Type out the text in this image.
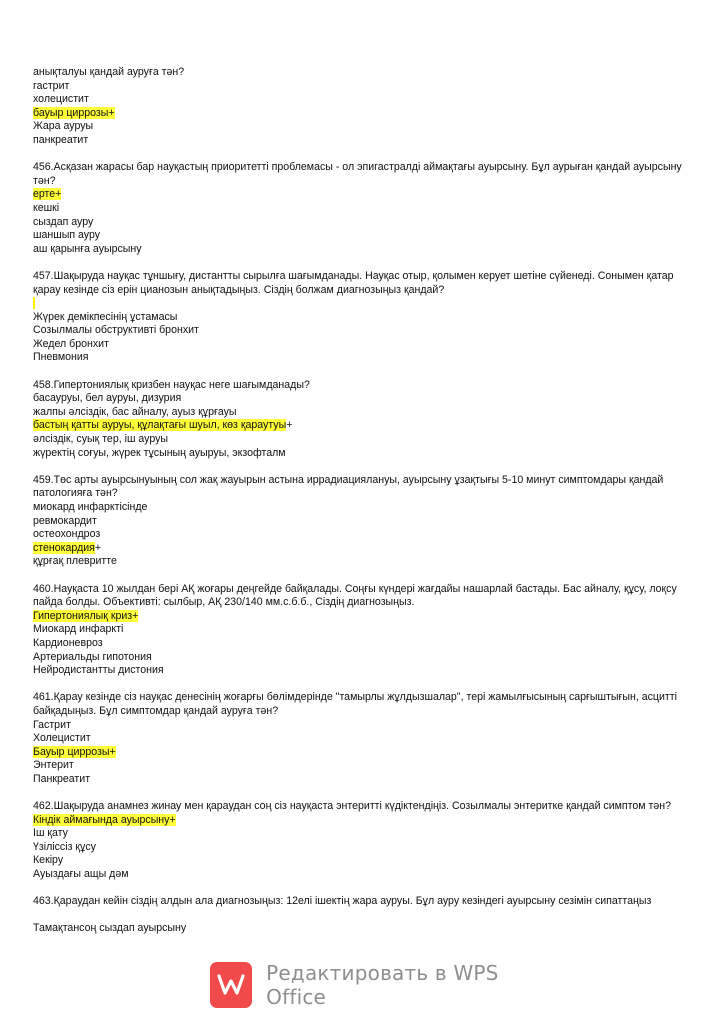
анықталуы қандай ауруға тән?
гастрит
холецистит
бауыр циррозы+
Жара ауруы
панкреатит
456.Асқазан жарасы бар науқастың приоритетті проблемасы - ол эпигастралді аймақтағы ауырсыну. Бұл аурыған қандай ауырсыну тән?
ерте+
кешкі
сыздап ауру
шаншып ауру
аш қарынға ауырсыну
457.Шақыруда науқас тұншығу, дистантты сырылға шағымданады. Науқас отыр, қолымен керует шетіне сүйенеді. Сонымен қатар қарау кезінде сіз ерін цианозын анықтадыңыз. Сіздің болжам диагнозыңыз қандай?
Жүрек демікпесінің ұстамасы
Созылмалы обструктивті бронхит
Жедел бронхит
Пневмония
458.Гипертониялық кризбен науқас неге шағымданады?
басауруы, бел ауруы, дизурия
жалпы әлсіздік, бас айналу, ауыз құрғауы
бастың қатты ауруы, құлақтағы шуыл, көз қараутуы+
әлсіздік, суық тер, іш ауруы
жүректің соғуы, жүрек тұсының ауыруы, экзофталм
459.Төс арты ауырсынуының сол жақ жауырын астына иррадиациялануы, ауырсыну ұзақтығы 5-10 минут симптомдары қандай патологияға тән?
миокард инфарктісінде
ревмокардит
остеохондроз
стенокардия+
құрғақ плевритте
460.Науқаста 10 жылдан бері АҚ жоғары деңгейде байқалады. Соңғы күндері жағдайы нашарлай бастады. Бас айналу, құсу, лоқсу пайда болды. Объективті: сылбыр, АҚ 230/140 мм.с.б.б., Сіздің диагнозыңыз.
Гипертониялық криз+
Миокард инфаркті
Кардионевроз
Артериальды гипотония
Нейродистантты дистония
461.Қарау кезінде сіз науқас денесінің жоғарғы бөлімдерінде "тамырлы жұлдызшалар", тері жамылғысының сарғыштығын, асцитті байқадыңыз. Бұл симптомдар қандай ауруға тән?
Гастрит
Холецистит
Бауыр циррозы+
Энтерит
Панкреатит
462.Шақыруда анамнез жинау мен қараудан соң сіз науқаста энтеритті күдіктендіңіз. Созылмалы энтеритке қандай симптом тән?
Кіндік аймағында ауырсыну+
Іш қату
Үзіліссіз құсу
Кекіру
Ауыздағы ащы дәм
463.Қараудан кейін сіздің алдын ала диагнозыңыз: 12елі ішектің жара ауруы. Бұл ауру кезіндегі ауырсыну сезімін сипаттаңыз
Тамақтансоң сыздап ауырсыну
Редактировать в WPS Office
